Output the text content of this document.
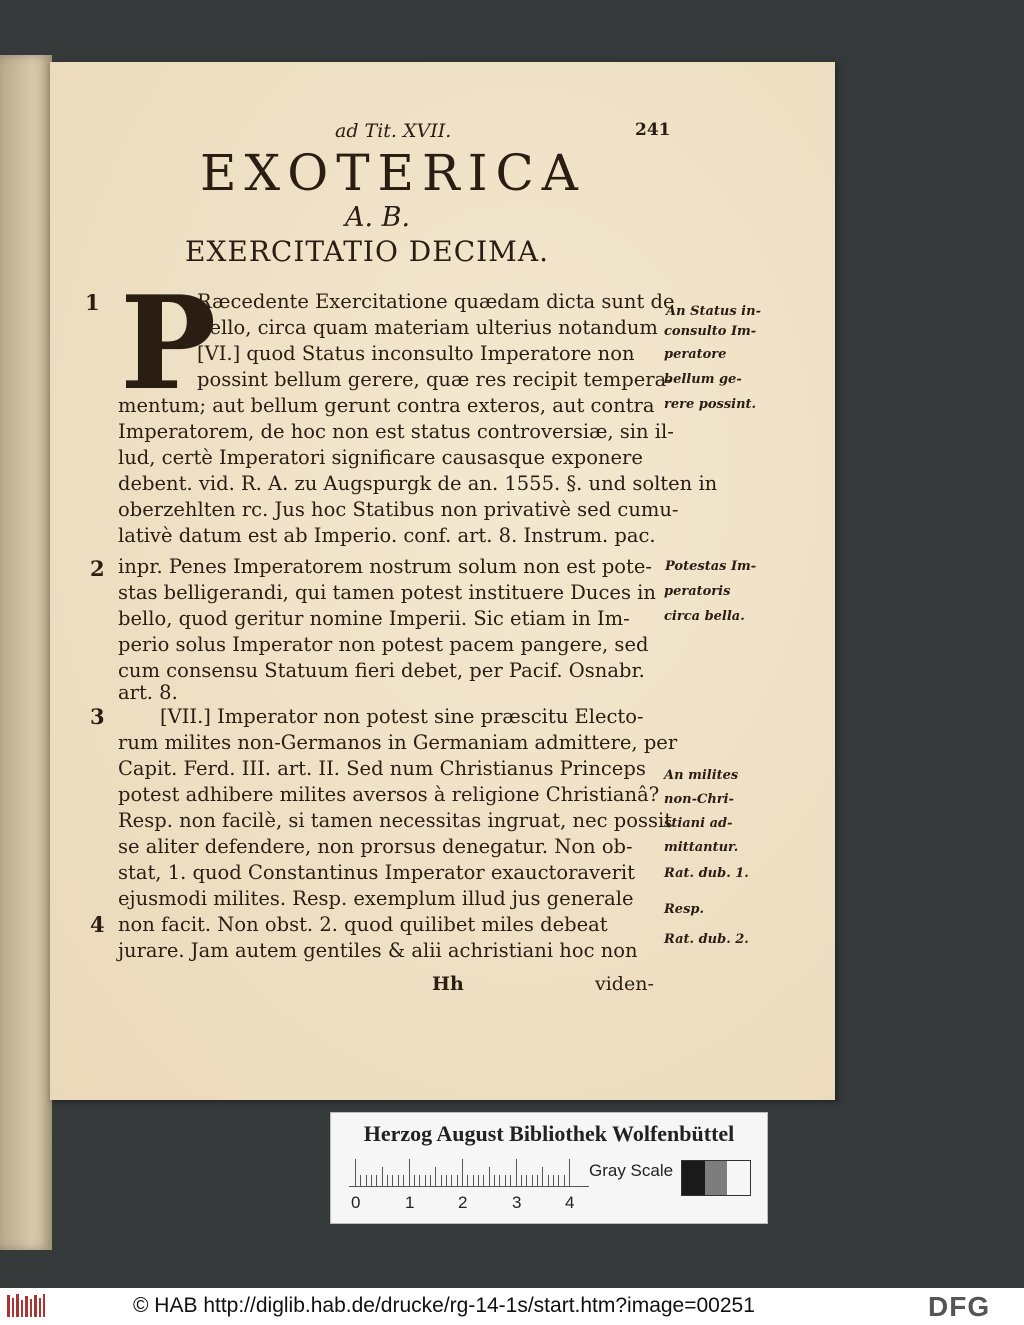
ad Tit. XVII.	241
EXOTERICA
A. B.
EXERCITATIO DECIMA.
P
1
2
3
4
Ræcedente Exercitatione quædam dicta sunt de
bello, circa quam materiam ulterius notandum
[VI.] quod Status inconsulto Imperatore non
possint bellum gerere, quæ res recipit tempera-
mentum; aut bellum gerunt contra exteros, aut contra
Imperatorem, de hoc non est status controversiæ, sin il-
lud, certè Imperatori significare causasque exponere
debent. vid. R. A. zu Augspurgk de an. 1555. §. und solten in
oberzehlten rc. Jus hoc Statibus non privativè sed cumu-
lativè datum est ab Imperio. conf. art. 8. Instrum. pac.
inpr. Penes Imperatorem nostrum solum non est pote-
stas belligerandi, qui tamen potest instituere Duces in
bello, quod geritur nomine Imperii. Sic etiam in Im-
perio solus Imperator non potest pacem pangere, sed
cum consensu Statuum fieri debet, per Pacif. Osnabr.
art. 8.
[VII.] Imperator non potest sine præscitu Electo-
rum milites non-Germanos in Germaniam admittere, per
Capit. Ferd. III. art. II. Sed num Christianus Princeps
potest adhibere milites aversos à religione Christianâ?
Resp. non facilè, si tamen necessitas ingruat, nec possit
se aliter defendere, non prorsus denegatur. Non ob-
stat, 1. quod Constantinus Imperator exauctoraverit
ejusmodi milites. Resp. exemplum illud jus generale
non facit. Non obst. 2. quod quilibet miles debeat
jurare. Jam autem gentiles & alii achristiani hoc non
An Status in-
consulto Im-
peratore
bellum ge-
rere possint.
Potestas Im-
peratoris
circa bella.
An milites
non-Chri-
stiani ad-
mittantur.
Rat. dub. 1.
Resp.
Rat. dub. 2.
Hh	viden-
Herzog August Bibliothek Wolfenbüttel
0	1	2	3	4
Gray Scale
© HAB http://diglib.hab.de/drucke/rg-14-1s/start.htm?image=00251	DFG
